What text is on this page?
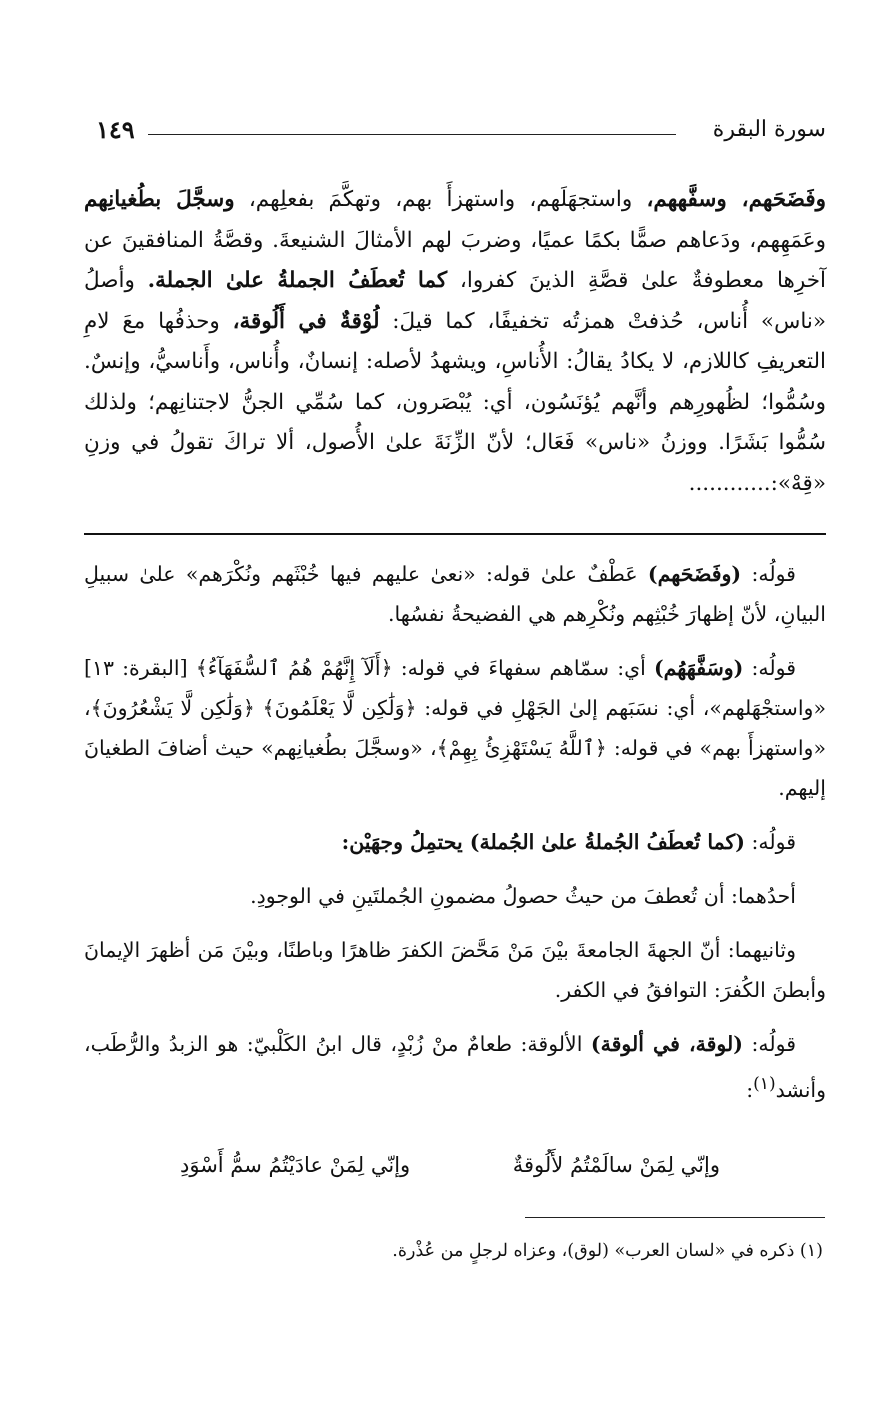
سورة البقرة
١٤٩

وفَضَحَهم، وسفَّههم، واستجهَلَهم، واستهزأَ بهم، وتهكَّمَ بفعلِهم، وسجَّلَ بطُغيانِهم وعَمَهِهم، ودَعاهم صمًّا بكمًا عميًا، وضربَ لهم الأمثالَ الشنيعةَ. وقصَّةُ المنافقينَ عن آخرِها معطوفةٌ علىٰ قصَّةِ الذينَ كفروا، كما تُعطَفُ الجملةُ علىٰ الجملة. وأصلُ «ناس» أُناس، حُذفتْ همزتُه تخفيفًا، كما قيلَ: لُوْقةٌ في أَلُوقة، وحذفُها معَ لامِ التعريفِ كاللازم، لا يكادُ يقالُ: الأُناسِ، ويشهدُ لأصله: إنسانٌ، وأُناس، وأَناسيُّ، وإنسٌ. وسُمُّوا؛ لظُهورِهم وأنَّهم يُؤنَسُون، أي: يُبْصَرون، كما سُمِّي الجنُّ لاجتنانِهم؛ ولذلك سُمُّوا بَشَرًا. ووزنُ «ناس» فَعَال؛ لأنّ الزِّنَةَ علىٰ الأُصول، ألا تراكَ تقولُ في وزنِ «قِهْ»:............

قولُه: (وفَضَحَهم) عَطْفٌ علىٰ قوله: «نعىٰ عليهم فيها خُبْثَهم ونُكْرَهم» علىٰ سبيلِ البيانِ، لأنّ إظهارَ خُبْثِهم ونُكْرِهم هي الفضيحةُ نفسُها.

قولُه: (وسَفَّهَهُم) أي: سمّاهم سفهاءَ في قوله: ﴿أَلَآ إِنَّهُمْ هُمُ ٱلسُّفَهَآءُ﴾ [البقرة: ١٣] «واستجْهَلهم»، أي: نسَبَهم إلىٰ الجَهْلِ في قوله: ﴿وَلَٰكِن لَّا يَعْلَمُونَ﴾ ﴿وَلَٰكِن لَّا يَشْعُرُونَ﴾، «واستهزأَ بهم» في قوله: ﴿ٱللَّهُ يَسْتَهْزِئُ بِهِمْ﴾، «وسجَّلَ بطُغيانِهم» حيث أضافَ الطغيانَ إليهم.

قولُه: (كما تُعطَفُ الجُملةُ علىٰ الجُملة) يحتمِلُ وجهَيْن:

أحدُهما: أن تُعطفَ من حيثُ حصولُ مضمونِ الجُملتَينِ في الوجودِ.

وثانيهما: أنّ الجهةَ الجامعةَ بيْنَ مَنْ مَحَّضَ الكفرَ ظاهرًا وباطنًا، وبيْنَ مَن أظهرَ الإيمانَ وأبطنَ الكُفرَ: التوافقُ في الكفر.

قولُه: (لوقة، في ألوقة) الألوقة: طعامٌ منْ زُبْدٍ، قال ابنُ الكَلْبيّ: هو الزبدُ والرُّطَب، وأنشد$^{(١)}$:

وإنّي لِمَنْ سالَمْتُمُ لأَلُوقةٌ
وإنّي لِمَنْ عادَيْتُمُ سمُّ أَسْوَدِ
(١) ذكره في «لسان العرب» (لوق)، وعزاه لرجلٍ من عُذْرة.
